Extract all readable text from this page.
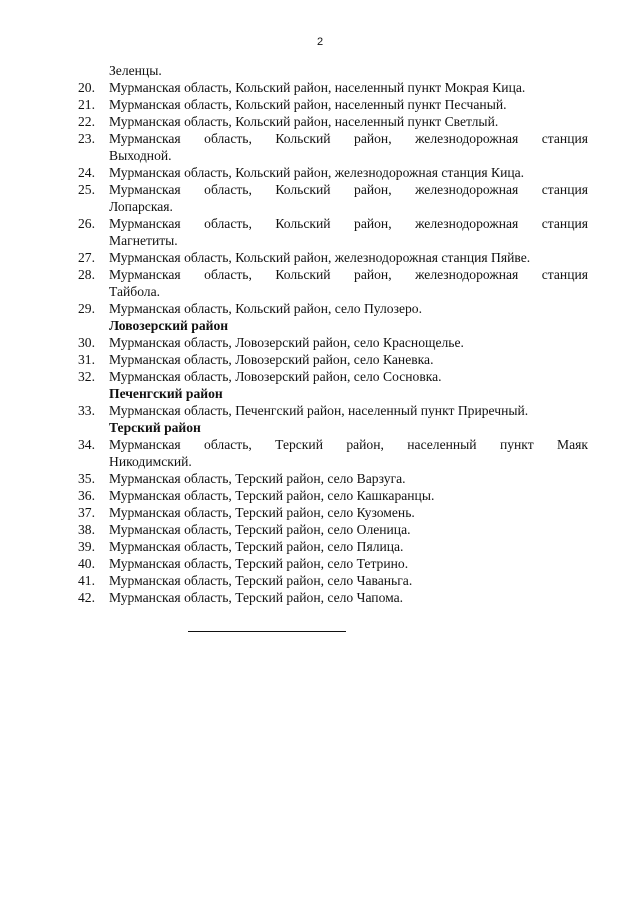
2
Зеленцы.
20.	Мурманская область, Кольский район, населенный пункт Мокрая Кица.
21.	Мурманская область, Кольский район, населенный пункт Песчаный.
22.	Мурманская область, Кольский район, населенный пункт Светлый.
23.	Мурманская область, Кольский район, железнодорожная станция
Выходной.
24.	Мурманская область, Кольский район, железнодорожная станция Кица.
25.	Мурманская область, Кольский район, железнодорожная станция
Лопарская.
26.	Мурманская область, Кольский район, железнодорожная станция
Магнетиты.
27.	Мурманская область, Кольский район, железнодорожная станция Пяйве.
28.	Мурманская область, Кольский район, железнодорожная станция
Тайбола.
29.	Мурманская область, Кольский район, село Пулозеро.
Ловозерский район
30.	Мурманская область, Ловозерский район, село Краснощелье.
31.	Мурманская область, Ловозерский район, село Каневка.
32.	Мурманская область, Ловозерский район, село Сосновка.
Печенгский район
33.	Мурманская область, Печенгский район, населенный пункт Приречный.
Терский район
34.	Мурманская область, Терский район, населенный пункт Маяк
Никодимский.
35.	Мурманская область, Терский район, село Варзуга.
36.	Мурманская область, Терский район, село Кашкаранцы.
37.	Мурманская область, Терский район, село Кузомень.
38.	Мурманская область, Терский район, село Оленица.
39.	Мурманская область, Терский район, село Пялица.
40.	Мурманская область, Терский район, село Тетрино.
41.	Мурманская область, Терский район, село Чаваньга.
42.	Мурманская область, Терский район, село Чапома.
